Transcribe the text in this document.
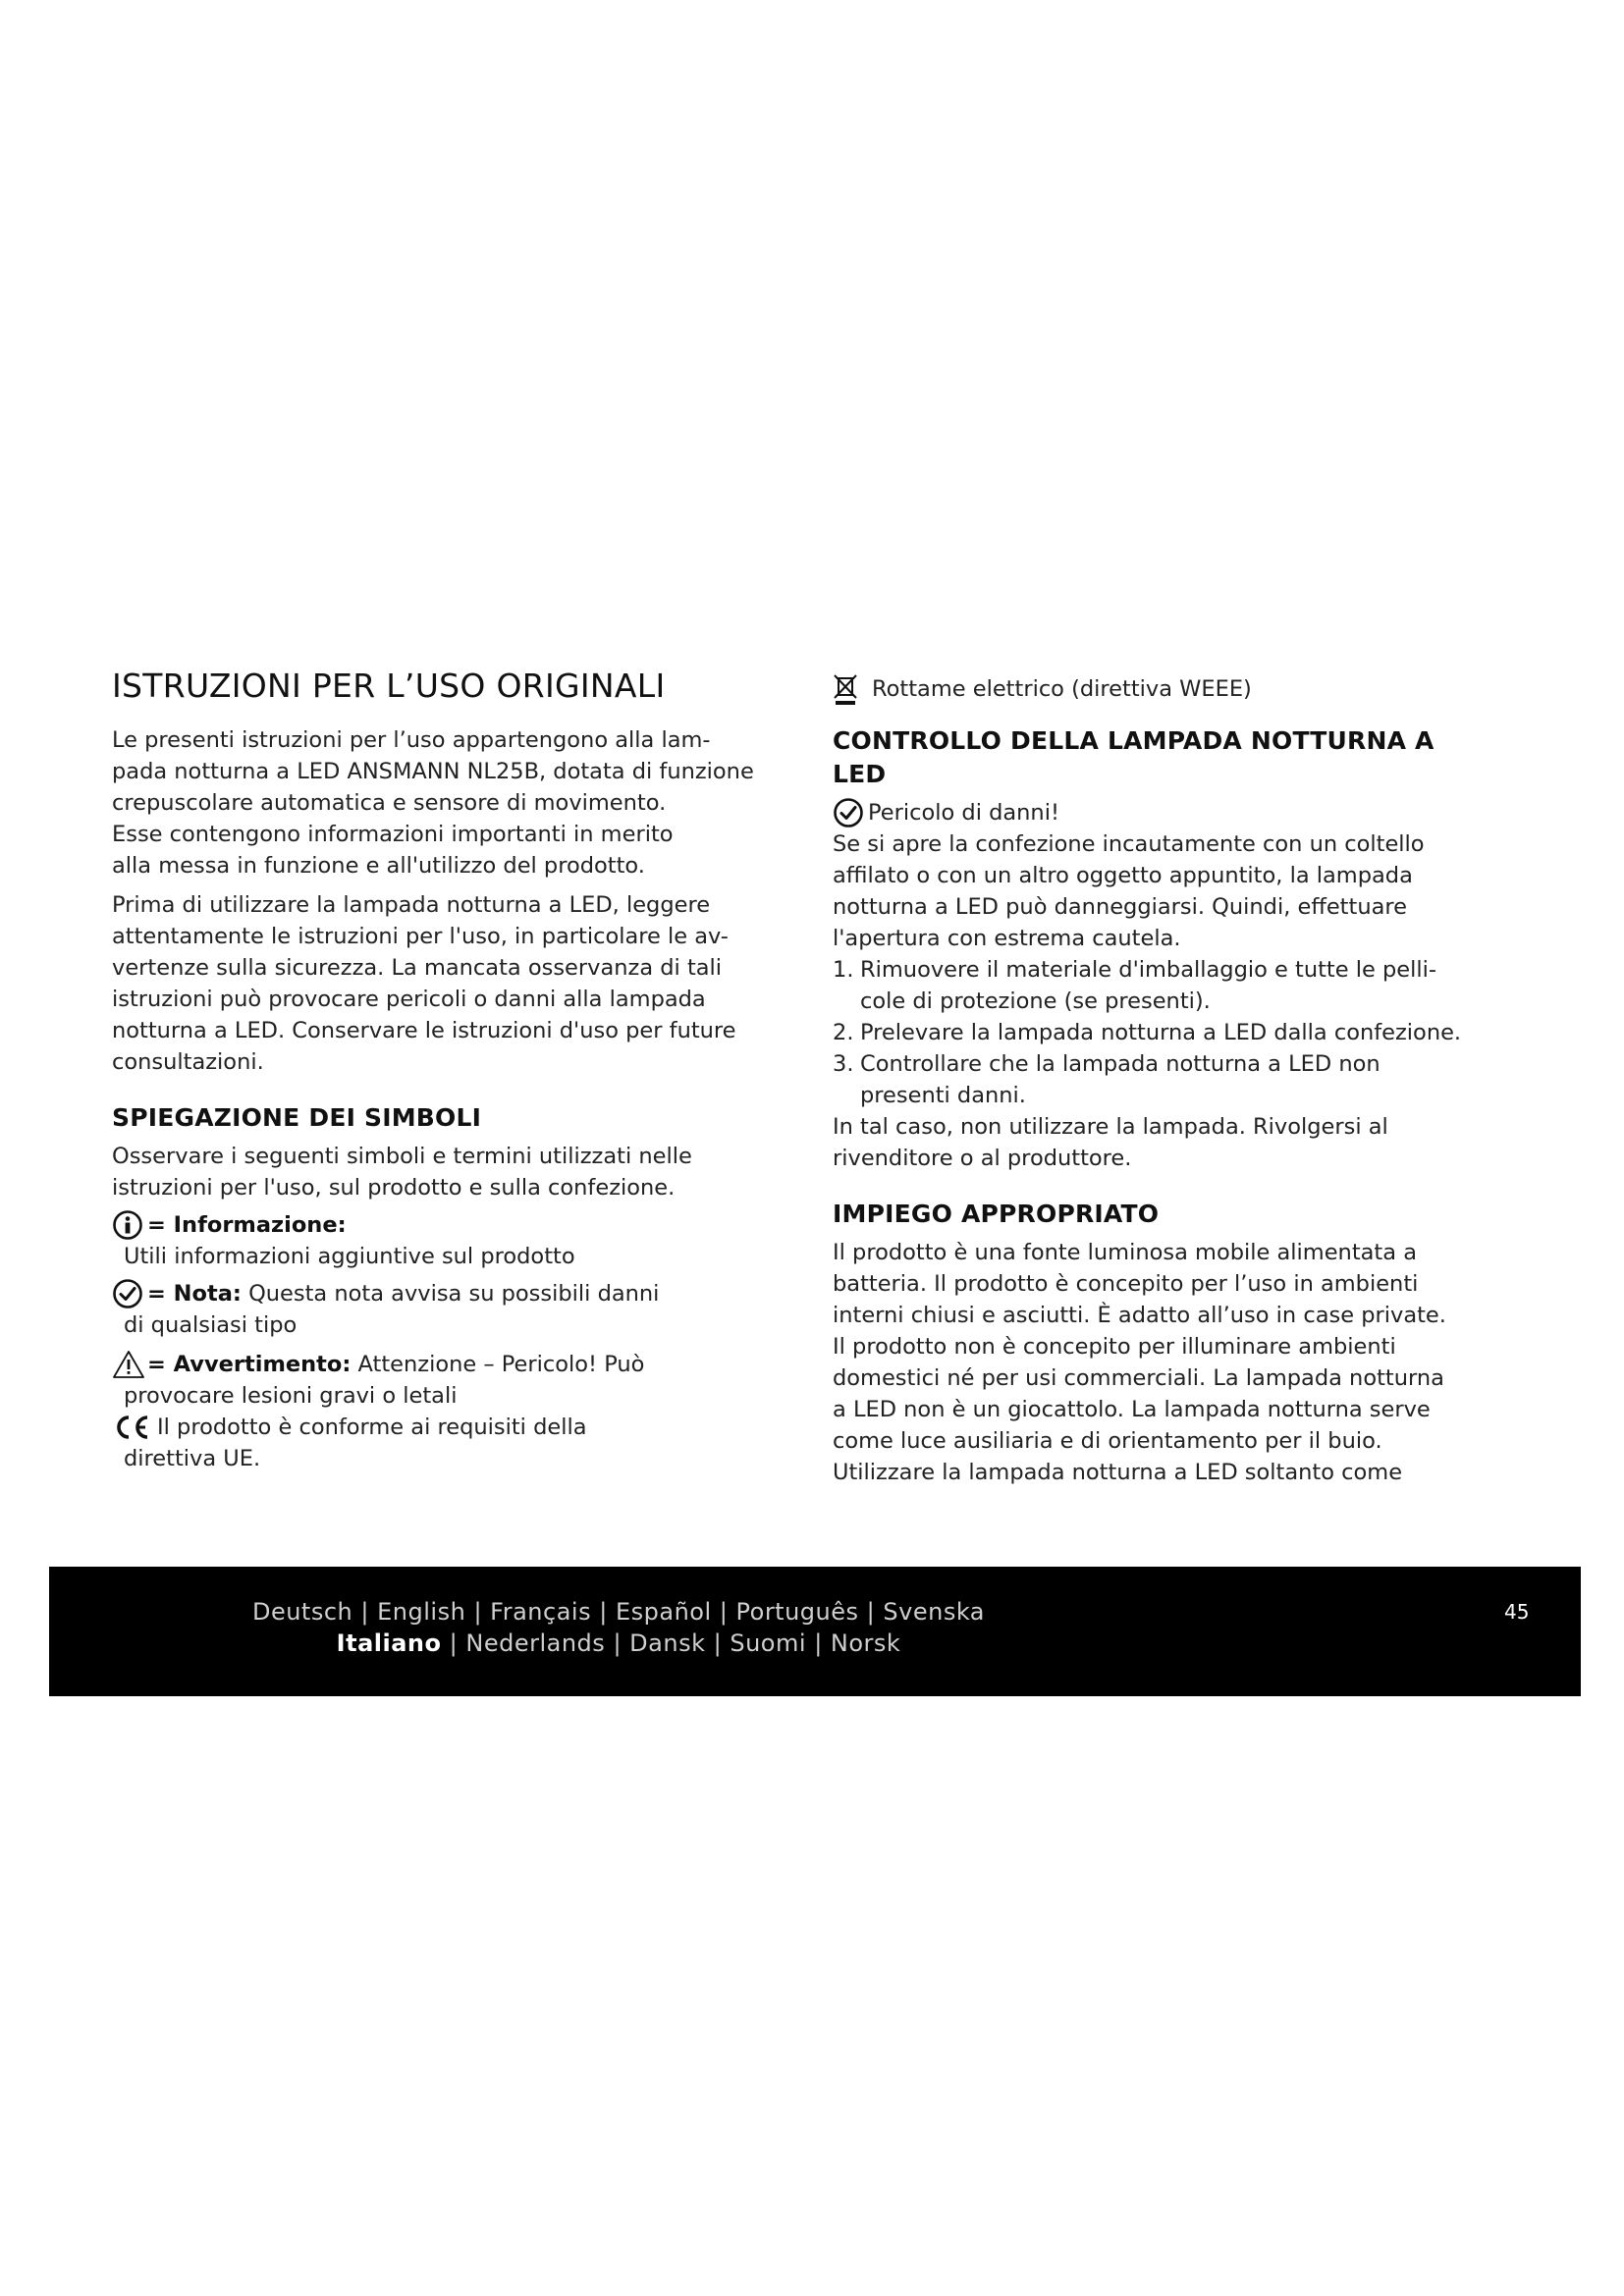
ISTRUZIONI PER L’USO ORIGINALI
Le presenti istruzioni per l’uso appartengono alla lam-
pada notturna a LED ANSMANN NL25B, dotata di funzione
crepuscolare automatica e sensore di movimento.
Esse contengono informazioni importanti in merito
alla messa in funzione e all'utilizzo del prodotto.
Prima di utilizzare la lampada notturna a LED, leggere
attentamente le istruzioni per l'uso, in particolare le av-
vertenze sulla sicurezza. La mancata osservanza di tali
istruzioni può provocare pericoli o danni alla lampada
notturna a LED. Conservare le istruzioni d'uso per future
consultazioni.
SPIEGAZIONE DEI SIMBOLI
Osservare i seguenti simboli e termini utilizzati nelle
istruzioni per l'uso, sul prodotto e sulla confezione.
= Informazione:
Utili informazioni aggiuntive sul prodotto
= Nota: Questa nota avvisa su possibili danni
di qualsiasi tipo
= Avvertimento: Attenzione – Pericolo! Può
provocare lesioni gravi o letali
Il prodotto è conforme ai requisiti della
direttiva UE.
Rottame elettrico (direttiva WEEE)
CONTROLLO DELLA LAMPADA NOTTURNA A LED
Pericolo di danni!
Se si apre la confezione incautamente con un coltello
affilato o con un altro oggetto appuntito, la lampada
notturna a LED può danneggiarsi. Quindi, effettuare
l'apertura con estrema cautela.
1. Rimuovere il materiale d'imballaggio e tutte le pelli-
cole di protezione (se presenti).
2. Prelevare la lampada notturna a LED dalla confezione.
3. Controllare che la lampada notturna a LED non
presenti danni.
In tal caso, non utilizzare la lampada. Rivolgersi al
rivenditore o al produttore.
IMPIEGO APPROPRIATO
Il prodotto è una fonte luminosa mobile alimentata a
batteria. Il prodotto è concepito per l’uso in ambienti
interni chiusi e asciutti. È adatto all’uso in case private.
Il prodotto non è concepito per illuminare ambienti
domestici né per usi commerciali. La lampada notturna
a LED non è un giocattolo. La lampada notturna serve
come luce ausiliaria e di orientamento per il buio.
Utilizzare la lampada notturna a LED soltanto come
Deutsch | English | Français | Español | Português | Svenska
Italiano | Nederlands | Dansk | Suomi | Norsk
45
